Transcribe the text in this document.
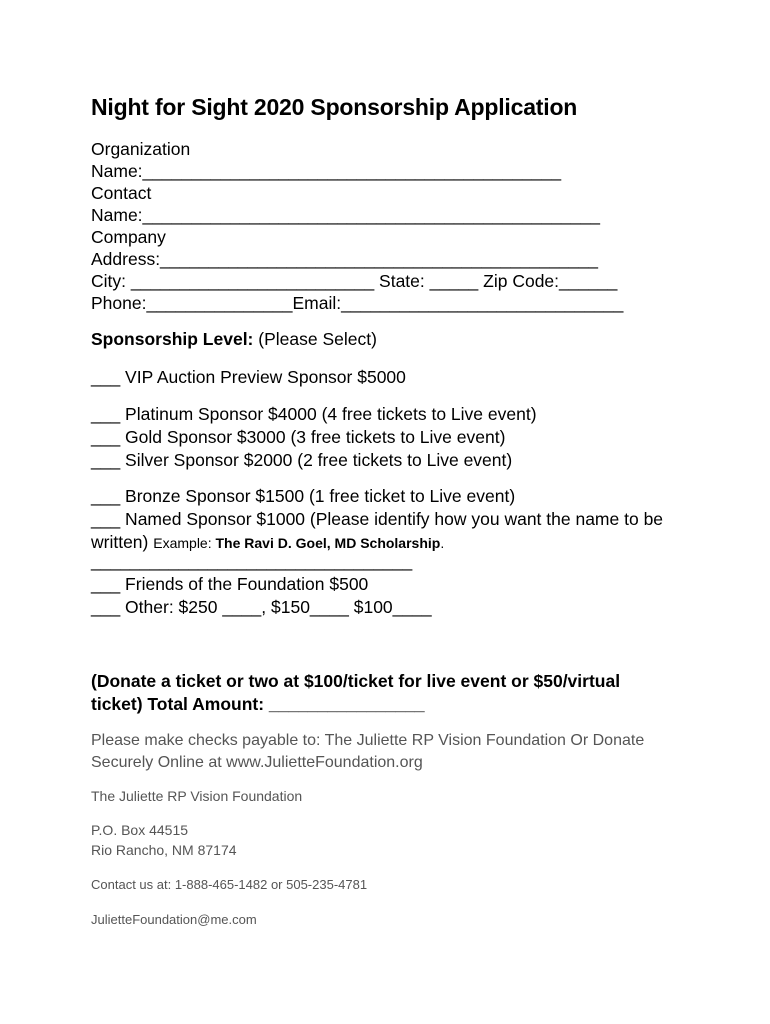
Night for Sight 2020 Sponsorship Application
Organization
Name:___________________________________________
Contact
Name:_______________________________________________
Company
Address:_____________________________________________
City: _________________________ State: _____ Zip Code:______
Phone:_______________Email:_____________________________
Sponsorship Level: (Please Select)
___ VIP Auction Preview Sponsor $5000
___ Platinum Sponsor $4000 (4 free tickets to Live event)
___ Gold Sponsor $3000 (3 free tickets to Live event)
___ Silver Sponsor $2000 (2 free tickets to Live event)
___ Bronze Sponsor $1500 (1 free ticket to Live event)
___ Named Sponsor $1000 (Please identify how you want the name to be written) Example: The Ravi D. Goel, MD Scholarship.
_________________________________
___ Friends of the Foundation $500
___ Other: $250 ____, $150____ $100____
(Donate a ticket or two at $100/ticket for live event or $50/virtual ticket) Total Amount: ________________
Please make checks payable to: The Juliette RP Vision Foundation Or Donate
Securely Online at www.JulietteFoundation.org
The Juliette RP Vision Foundation
P.O. Box 44515
Rio Rancho, NM 87174
Contact us at: 1-888-465-1482 or 505-235-4781
JulietteFoundation@me.com
